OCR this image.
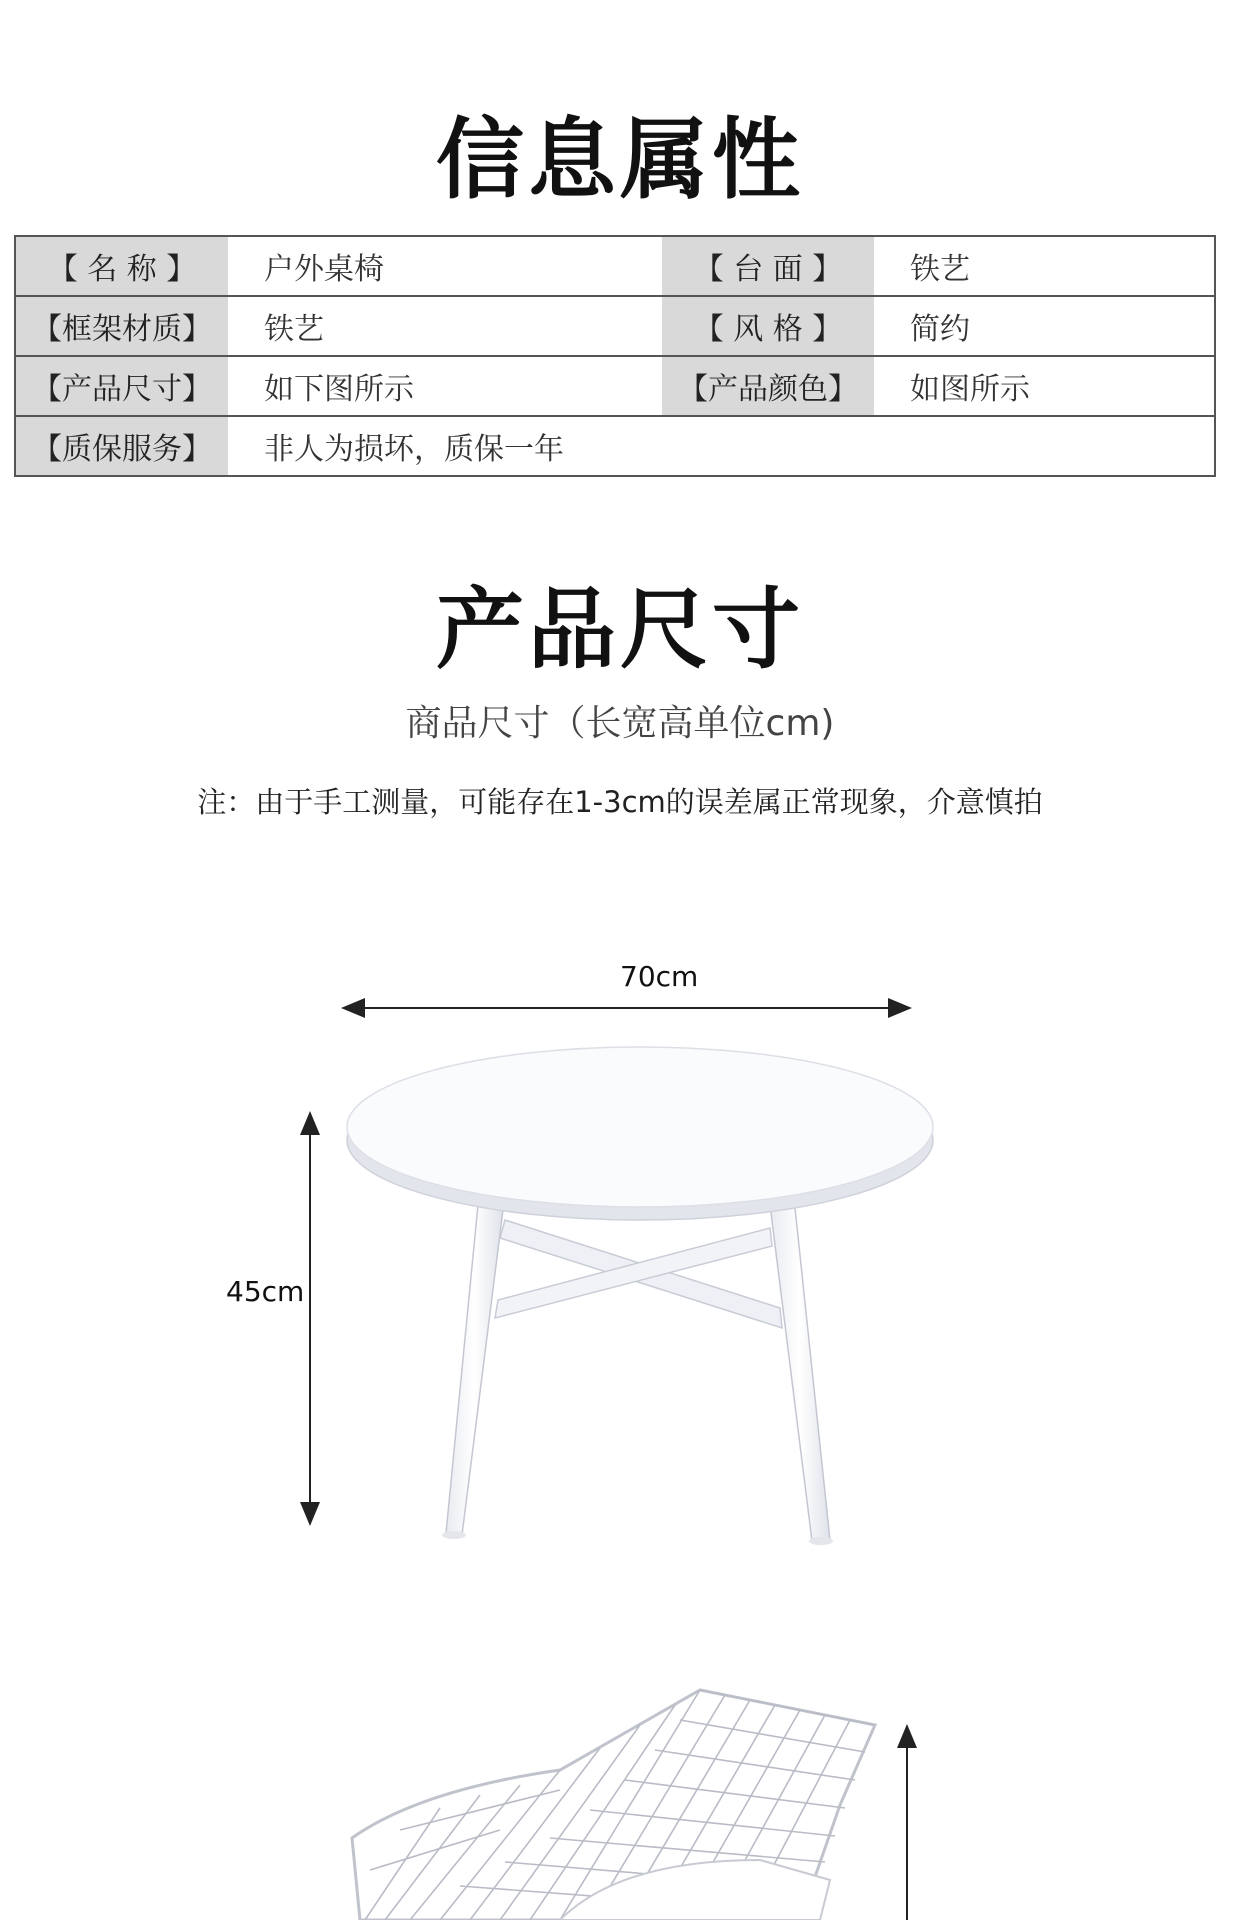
信息属性
【 名 称 】	户外桌椅	【 台 面 】	铁艺
【框架材质】	铁艺	【 风 格 】	简约
【产品尺寸】	如下图所示	【产品颜色】	如图所示
【质保服务】	非人为损坏，质保一年		
产品尺寸
商品尺寸（长宽高单位cm)
注：由于手工测量，可能存在1-3cm的误差属正常现象，介意慎拍
70cm
45cm
